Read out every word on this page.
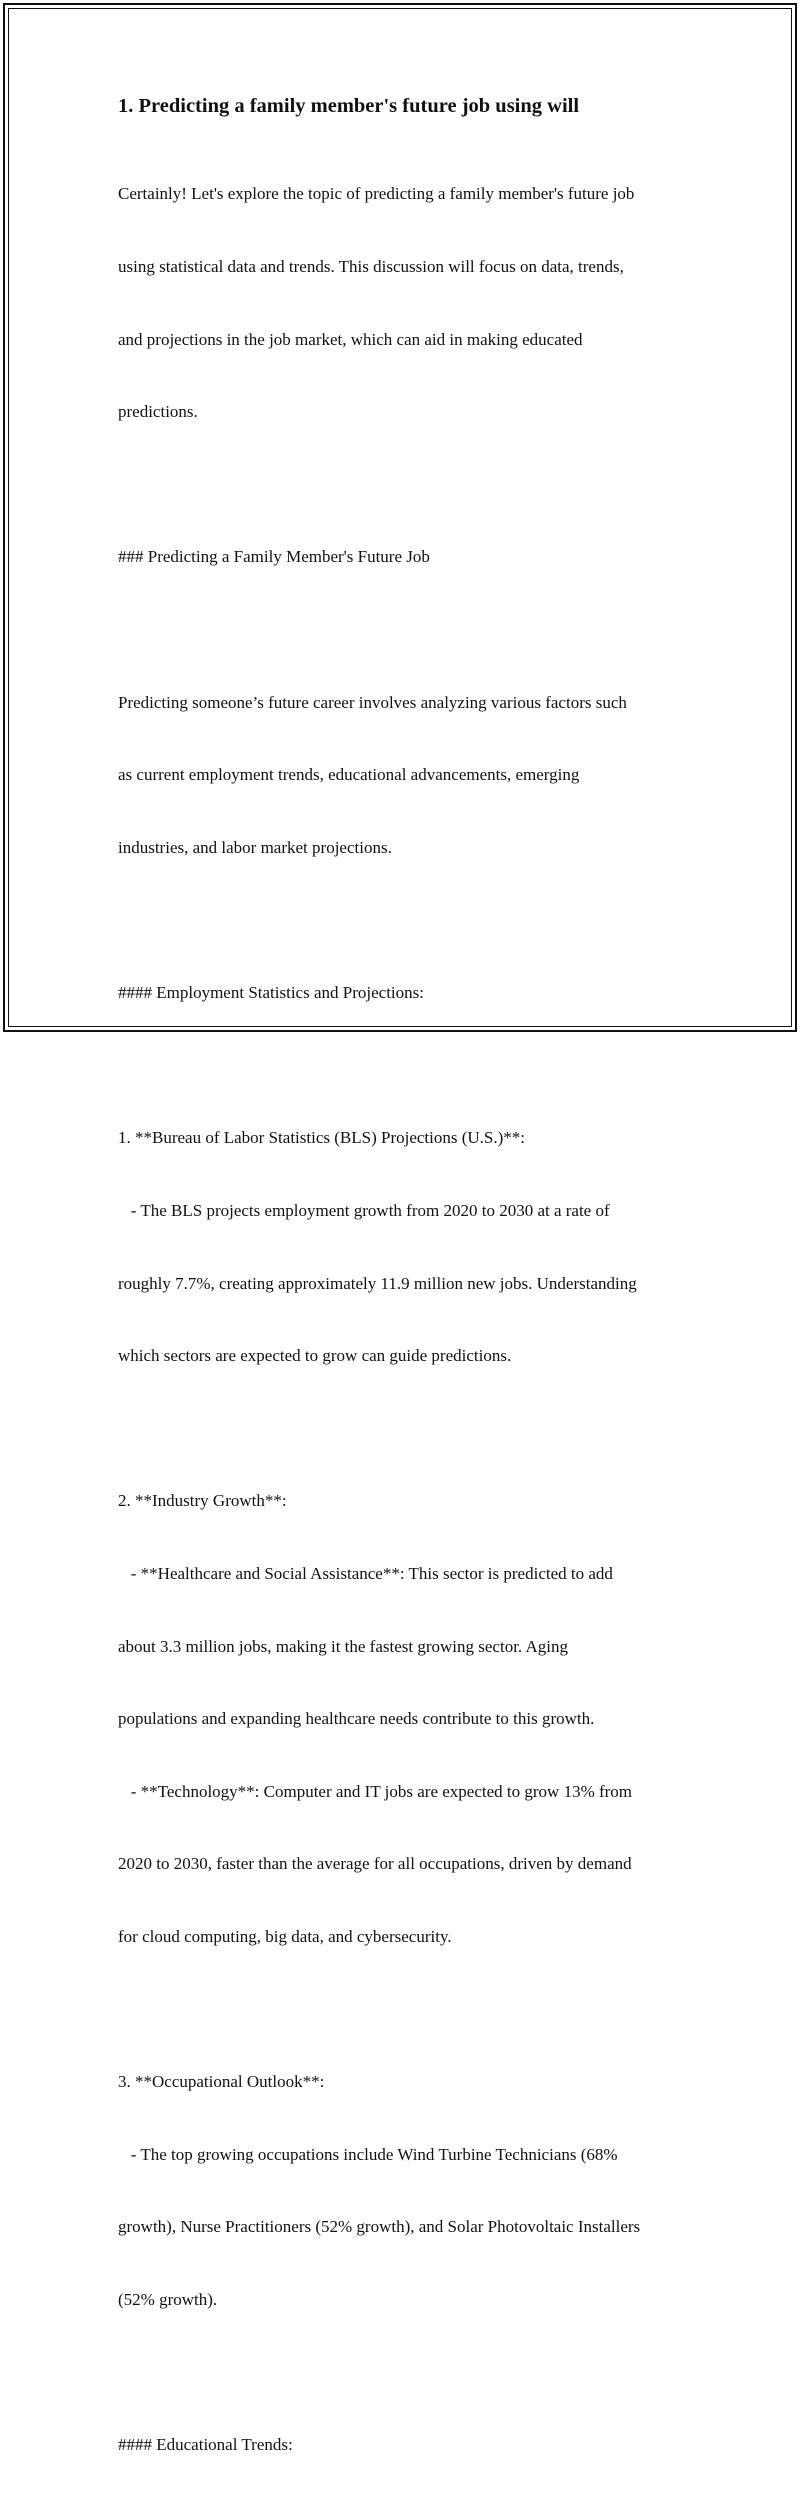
1. Predicting a family member's future job using will

Certainly! Let's explore the topic of predicting a family member's future job

using statistical data and trends. This discussion will focus on data, trends,

and projections in the job market, which can aid in making educated

predictions.

### Predicting a Family Member's Future Job

Predicting someone’s future career involves analyzing various factors such

as current employment trends, educational advancements, emerging

industries, and labor market projections.

#### Employment Statistics and Projections:

1. **Bureau of Labor Statistics (BLS) Projections (U.S.)**:

- The BLS projects employment growth from 2020 to 2030 at a rate of

roughly 7.7%, creating approximately 11.9 million new jobs. Understanding

which sectors are expected to grow can guide predictions.

2. **Industry Growth**:

- **Healthcare and Social Assistance**: This sector is predicted to add

about 3.3 million jobs, making it the fastest growing sector. Aging

populations and expanding healthcare needs contribute to this growth.

- **Technology**: Computer and IT jobs are expected to grow 13% from

2020 to 2030, faster than the average for all occupations, driven by demand

for cloud computing, big data, and cybersecurity.

3. **Occupational Outlook**:

- The top growing occupations include Wind Turbine Technicians (68%

growth), Nurse Practitioners (52% growth), and Solar Photovoltaic Installers

(52% growth).

#### Educational Trends:
